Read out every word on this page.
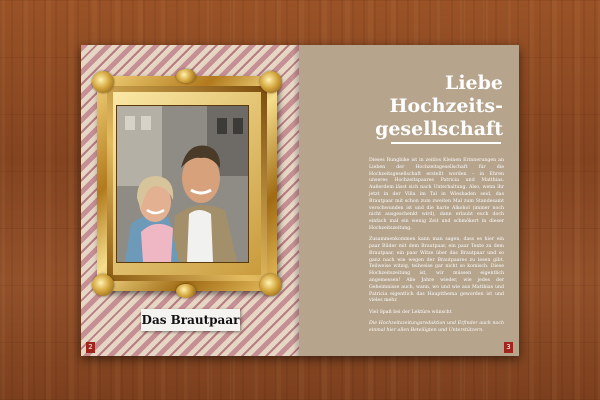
Das Brautpaar
2
Liebe
Hochzeits-
gesellschaft

Dieses Rungbike ist in zeitlos Kleinen Erinnerungen an Lieben der Hochzeitsgesellschaft für die Hochzeitsgesellschaft erstellt worden – in Ehren unseres Hochzeitspaares Patricia und Matthias. Außerdem lässt sich nach Unterhaltung. Also, wenn ihr jetzt in der Villa im Tal in Wiesbaden seid, das Brautpaar mit schon zum zweiten Mal zum Standesamt verschwunden ist und die harte Alkohol (immer noch nicht ausgeschenkt wird), dann erlaubt euch doch einfach mal ein wenig Zeit und schmökert in dieser Hochzeitszeitung.

Zusammenkommen kann man sagen, dass es hier ein paar Bilder mit dem Brautpaar, ein paar Texte zu dem Brautpaar, ein paar Witze über das Brautpaar und so ganz nach wie wegen der Brautpaares zu lesen gibt. Teilweise witzig, teilweise gar nicht so komisch. Diese Hochzeitszeitung ist, wir müssen eigentlich angemessen! Alle Jahre wieder, wie jedes der Geheimnisse auch, wann, wo und wie aus Matthias und Patricia eigentlich das Hauptthema geworden ist und vieles mehr.

Viel Spaß bei der Lektüre wünscht

Die Hochzeitszeitungsredaktion und Erfinder auch noch einmal hier allen Beteiligten und Unterstützern.

3
